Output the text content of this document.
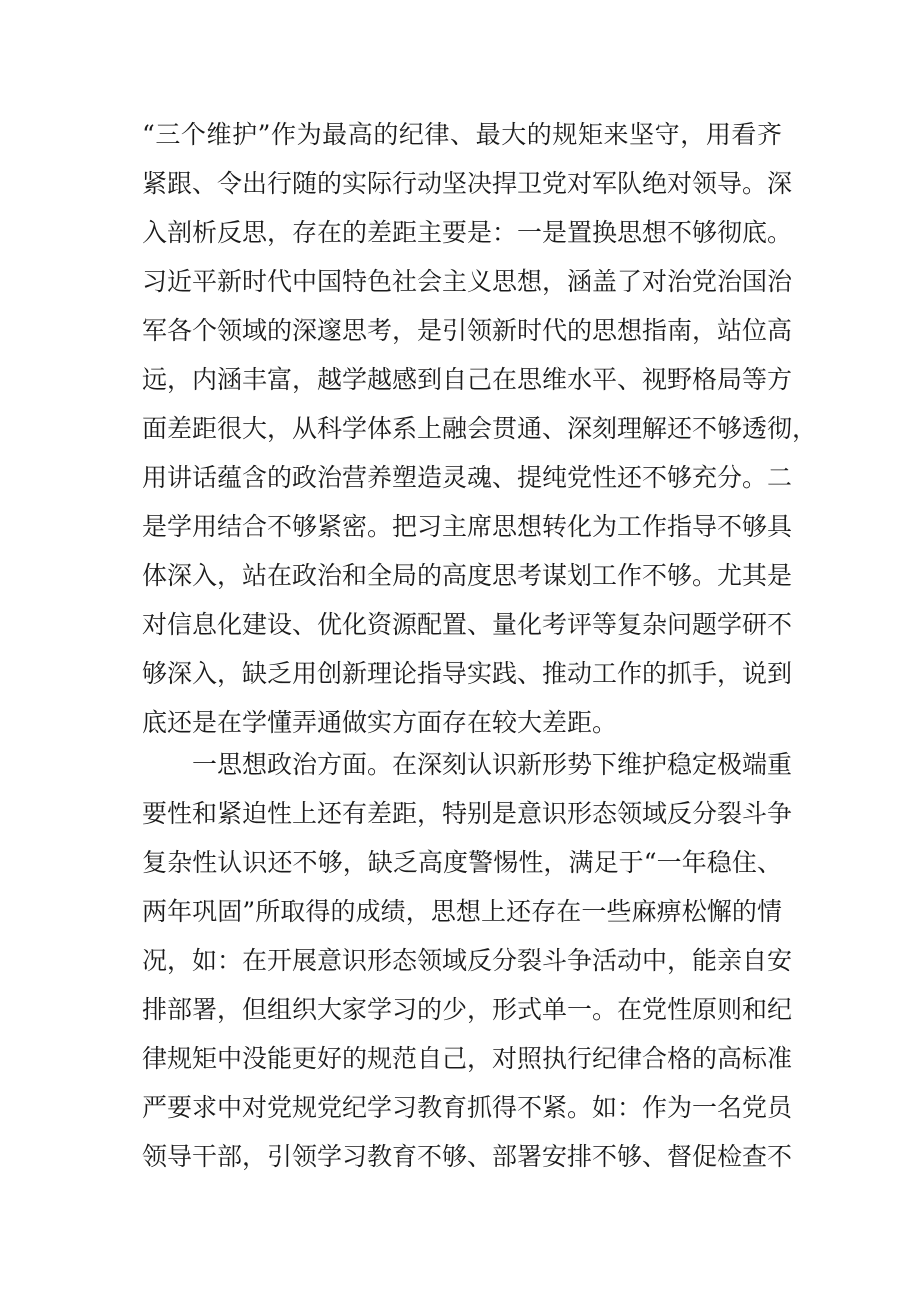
“三个维护”作为最高的纪律、最大的规矩来坚守，用看齐
紧跟、令出行随的实际行动坚决捍卫党对军队绝对领导。深
入剖析反思，存在的差距主要是：一是置换思想不够彻底。
习近平新时代中国特色社会主义思想，涵盖了对治党治国治
军各个领域的深邃思考，是引领新时代的思想指南，站位高
远，内涵丰富，越学越感到自己在思维水平、视野格局等方
面差距很大，从科学体系上融会贯通、深刻理解还不够透彻，
用讲话蕴含的政治营养塑造灵魂、提纯党性还不够充分。二
是学用结合不够紧密。把习主席思想转化为工作指导不够具
体深入，站在政治和全局的高度思考谋划工作不够。尤其是
对信息化建设、优化资源配置、量化考评等复杂问题学研不
够深入，缺乏用创新理论指导实践、推动工作的抓手，说到
底还是在学懂弄通做实方面存在较大差距。
一思想政治方面。在深刻认识新形势下维护稳定极端重
要性和紧迫性上还有差距，特别是意识形态领域反分裂斗争
复杂性认识还不够，缺乏高度警惕性，满足于“一年稳住、
两年巩固”所取得的成绩，思想上还存在一些麻痹松懈的情
况，如：在开展意识形态领域反分裂斗争活动中，能亲自安
排部署，但组织大家学习的少，形式单一。在党性原则和纪
律规矩中没能更好的规范自己，对照执行纪律合格的高标准
严要求中对党规党纪学习教育抓得不紧。如：作为一名党员
领导干部，引领学习教育不够、部署安排不够、督促检查不
